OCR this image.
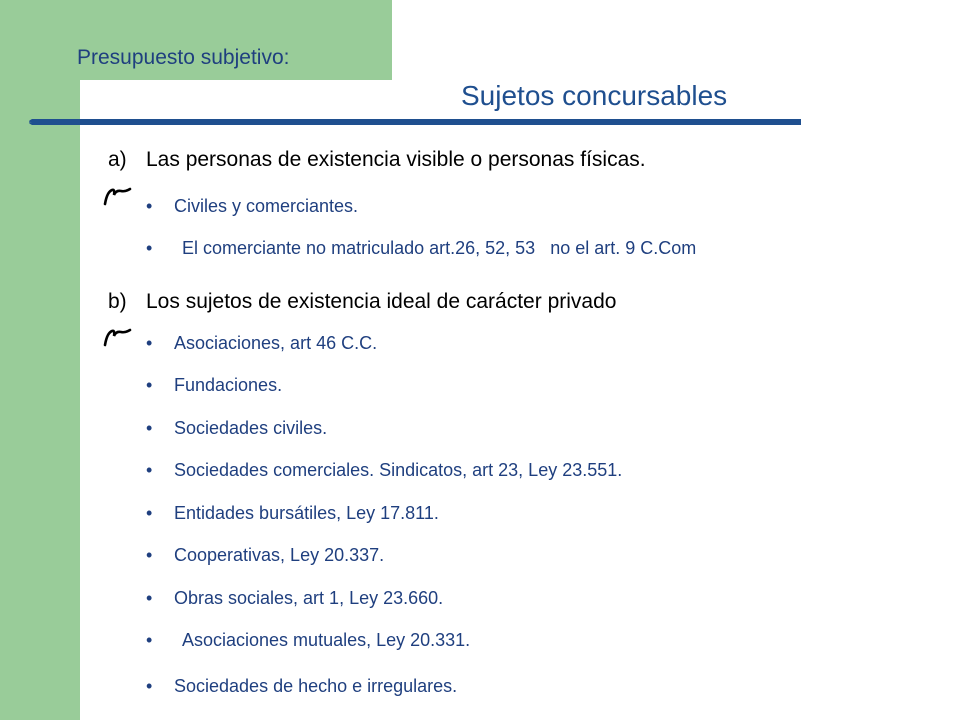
Presupuesto subjetivo:
Sujetos concursables

a) Las personas de existencia visible o personas físicas.

• Civiles y comerciantes.

• El comerciante no matriculado art.26, 52, 53   no el art. 9 C.Com

b) Los sujetos de existencia ideal de carácter privado

• Asociaciones, art 46 C.C.

• Fundaciones.

• Sociedades civiles.

• Sociedades comerciales. Sindicatos, art 23, Ley 23.551.

• Entidades bursátiles, Ley 17.811.

• Cooperativas, Ley 20.337.

• Obras sociales, art 1, Ley 23.660.

• Asociaciones mutuales, Ley 20.331.

• Sociedades de hecho e irregulares.
